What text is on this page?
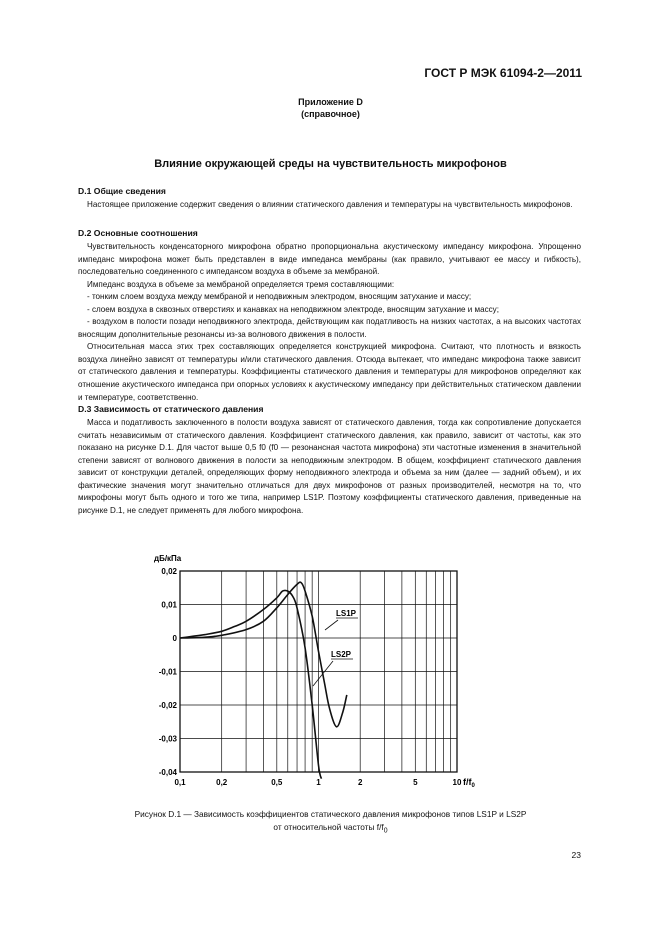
ГОСТ Р МЭК 61094-2—2011
Приложение D
(справочное)
Влияние окружающей среды на чувствительность микрофонов
D.1 Общие сведения

Настоящее приложение содержит сведения о влиянии статического давления и температуры на чувствительность микрофонов.

D.2 Основные соотношения

Чувствительность конденсаторного микрофона обратно пропорциональна акустическому импедансу микрофона. Упрощенно импеданс микрофона может быть представлен в виде импеданса мембраны (как правило, учитывают ее массу и гибкость), последовательно соединенного с импедансом воздуха в объеме за мембраной.

Импеданс воздуха в объеме за мембраной определяется тремя составляющими:

- тонким слоем воздуха между мембраной и неподвижным электродом, вносящим затухание и массу;

- слоем воздуха в сквозных отверстиях и канавках на неподвижном электроде, вносящим затухание и массу;

- воздухом в полости позади неподвижного электрода, действующим как податливость на низких частотах, а на высоких частотах вносящим дополнительные резонансы из-за волнового движения в полости.

Относительная масса этих трех составляющих определяется конструкцией микрофона. Считают, что плотность и вязкость воздуха линейно зависят от температуры и/или статического давления. Отсюда вытекает, что импеданс микрофона также зависит от статического давления и температуры. Коэффициенты статического давления и температуры для микрофонов определяют как отношение акустического импеданса при опорных условиях к акустическому импедансу при действительных статическом давлении и температуре, соответственно.

D.3 Зависимость от статического давления

Масса и податливость заключенного в полости воздуха зависят от статического давления, тогда как сопротивление допускается считать независимым от статического давления. Коэффициент статического давления, как правило, зависит от частоты, как это показано на рисунке D.1. Для частот выше 0,5 f0 (f0 — резонансная частота микрофона) эти частотные изменения в значительной степени зависят от волнового движения в полости за неподвижным электродом. В общем, коэффициент статического давления зависит от конструкции деталей, определяющих форму неподвижного электрода и объема за ним (далее — задний объем), и их фактические значения могут значительно отличаться для двух микрофонов от разных производителей, несмотря на то, что микрофоны могут быть одного и того же типа, например LS1P. Поэтому коэффициенты статического давления, приведенные на рисунке D.1, не следует применять для любого микрофона.

0,02
0,01
0
-0,01
-0,02
-0,03
-0,04
0,1	0,2	0,5	1	2	5	10
LS1P
LS2P
дБ/кПа
$f/f_0$
Рисунок D.1 — Зависимость коэффициентов статического давления микрофонов типов LS1P и LS2P
от относительной частоты $f/f_0$
23
